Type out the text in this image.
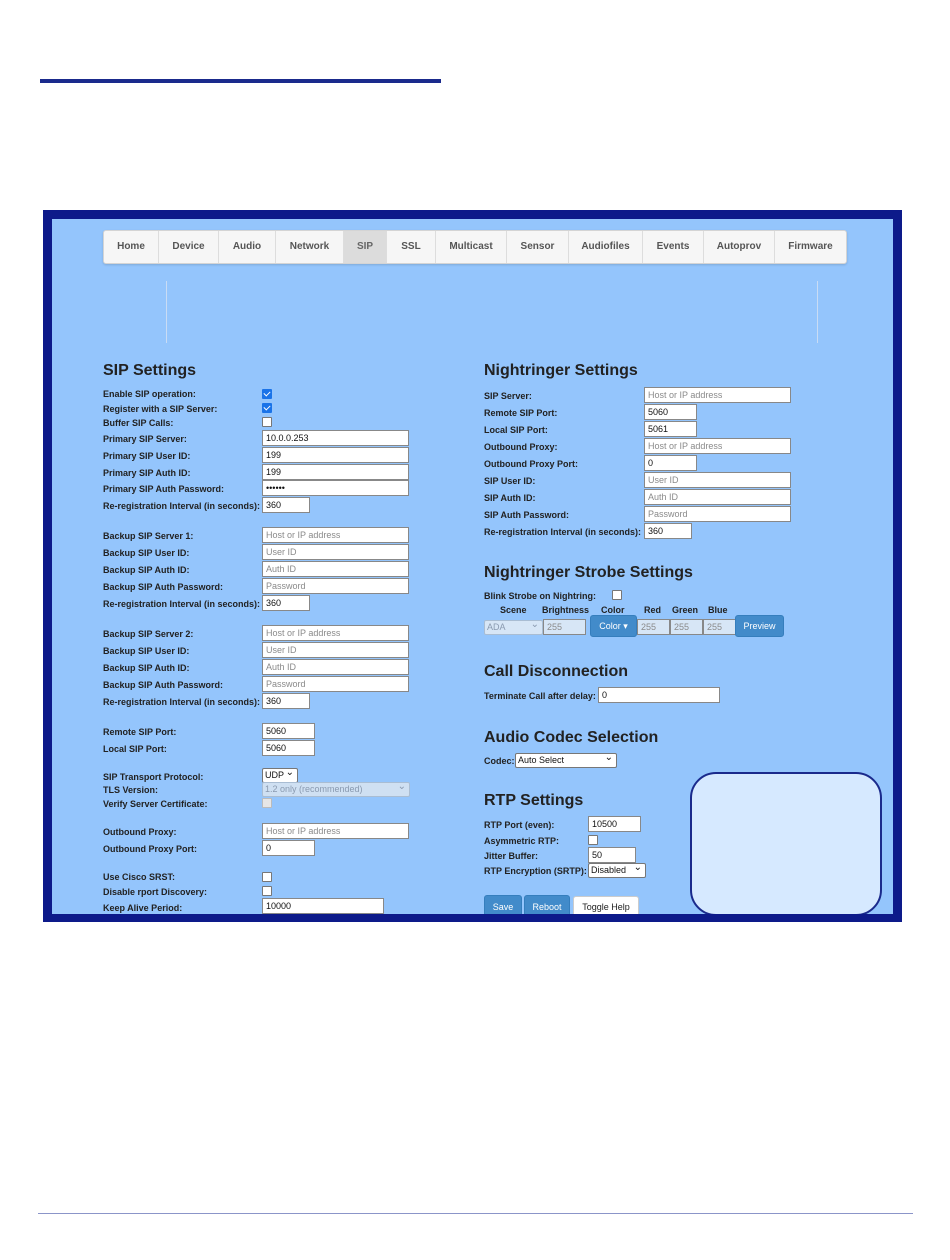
Home	Device	Audio	Network	SIP	SSL	Multicast	Sensor	Audiofiles	Events	Autoprov	Firmware
SIP Settings
Enable SIP operation:
Register with a SIP Server:
Buffer SIP Calls:
Primary SIP Server:	10.0.0.253
Primary SIP User ID:	199
Primary SIP Auth ID:	199
Primary SIP Auth Password:	••••••
Re-registration Interval (in seconds): 360
Backup SIP Server 1:	Host or IP address
Backup SIP User ID:	User ID
Backup SIP Auth ID:	Auth ID
Backup SIP Auth Password:	Password
Re-registration Interval (in seconds): 360
Backup SIP Server 2:	Host or IP address
Backup SIP User ID:	User ID
Backup SIP Auth ID:	Auth ID
Backup SIP Auth Password:	Password
Re-registration Interval (in seconds): 360
Remote SIP Port:	5060
Local SIP Port:	5060
SIP Transport Protocol:	UDP ⌄
TLS Version:	1.2 only (recommended) ⌄
Verify Server Certificate:
Outbound Proxy:	Host or IP address
Outbound Proxy Port:	0
Use Cisco SRST:
Disable rport Discovery:
Keep Alive Period:	10000
Nightringer Settings
SIP Server:	Host or IP address
Remote SIP Port:	5060
Local SIP Port:	5061
Outbound Proxy:	Host or IP address
Outbound Proxy Port:	0
SIP User ID:	User ID
SIP Auth ID:	Auth ID
SIP Auth Password:	Password
Re-registration Interval (in seconds): 360
Nightringer Strobe Settings
Blink Strobe on Nightring:
Scene Brightness Color Red Green Blue
ADA ⌄	255	Color ▾	255	255	255	Preview
Call Disconnection
Terminate Call after delay: 0
Audio Codec Selection
Codec: Auto Select ⌄
RTP Settings
RTP Port (even):	10500
Asymmetric RTP:
Jitter Buffer:	50
RTP Encryption (SRTP): Disabled ⌄
Save	Reboot	Toggle Help
